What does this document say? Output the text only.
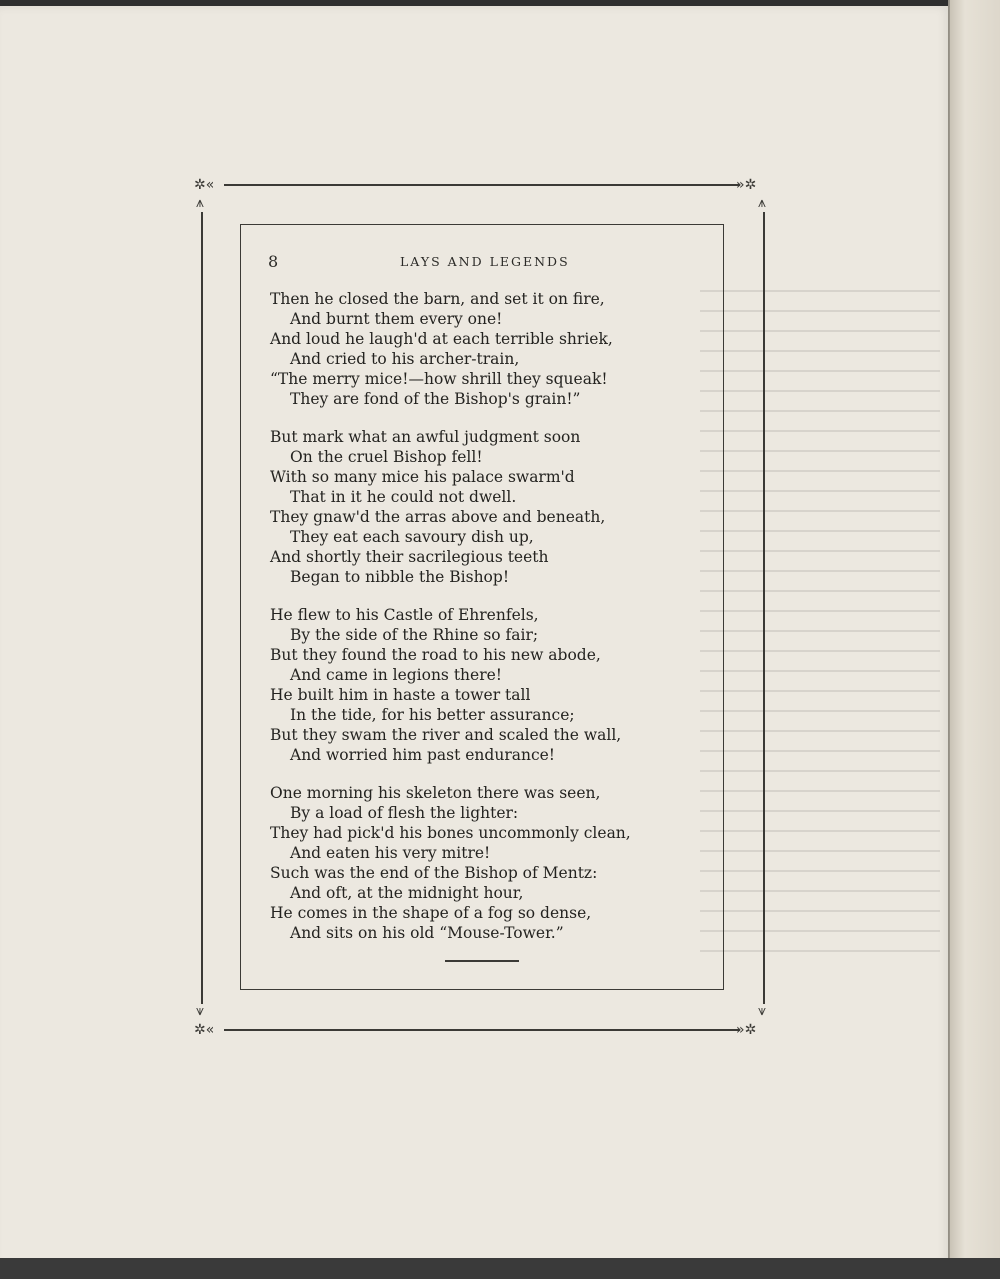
✲«	»✲
✲«	»✲
⩚	⩚
⩛	⩛
8	LAYS AND LEGENDS
Then he closed the barn, and set it on fire,
And burnt them every one!
And loud he laugh'd at each terrible shriek,
And cried to his archer-train,
“The merry mice!—how shrill they squeak!
They are fond of the Bishop's grain!”
But mark what an awful judgment soon
On the cruel Bishop fell!
With so many mice his palace swarm'd
That in it he could not dwell.
They gnaw'd the arras above and beneath,
They eat each savoury dish up,
And shortly their sacrilegious teeth
Began to nibble the Bishop!
He flew to his Castle of Ehrenfels,
By the side of the Rhine so fair;
But they found the road to his new abode,
And came in legions there!
He built him in haste a tower tall
In the tide, for his better assurance;
But they swam the river and scaled the wall,
And worried him past endurance!
One morning his skeleton there was seen,
By a load of flesh the lighter:
They had pick'd his bones uncommonly clean,
And eaten his very mitre!
Such was the end of the Bishop of Mentz:
And oft, at the midnight hour,
He comes in the shape of a fog so dense,
And sits on his old “Mouse-Tower.”
